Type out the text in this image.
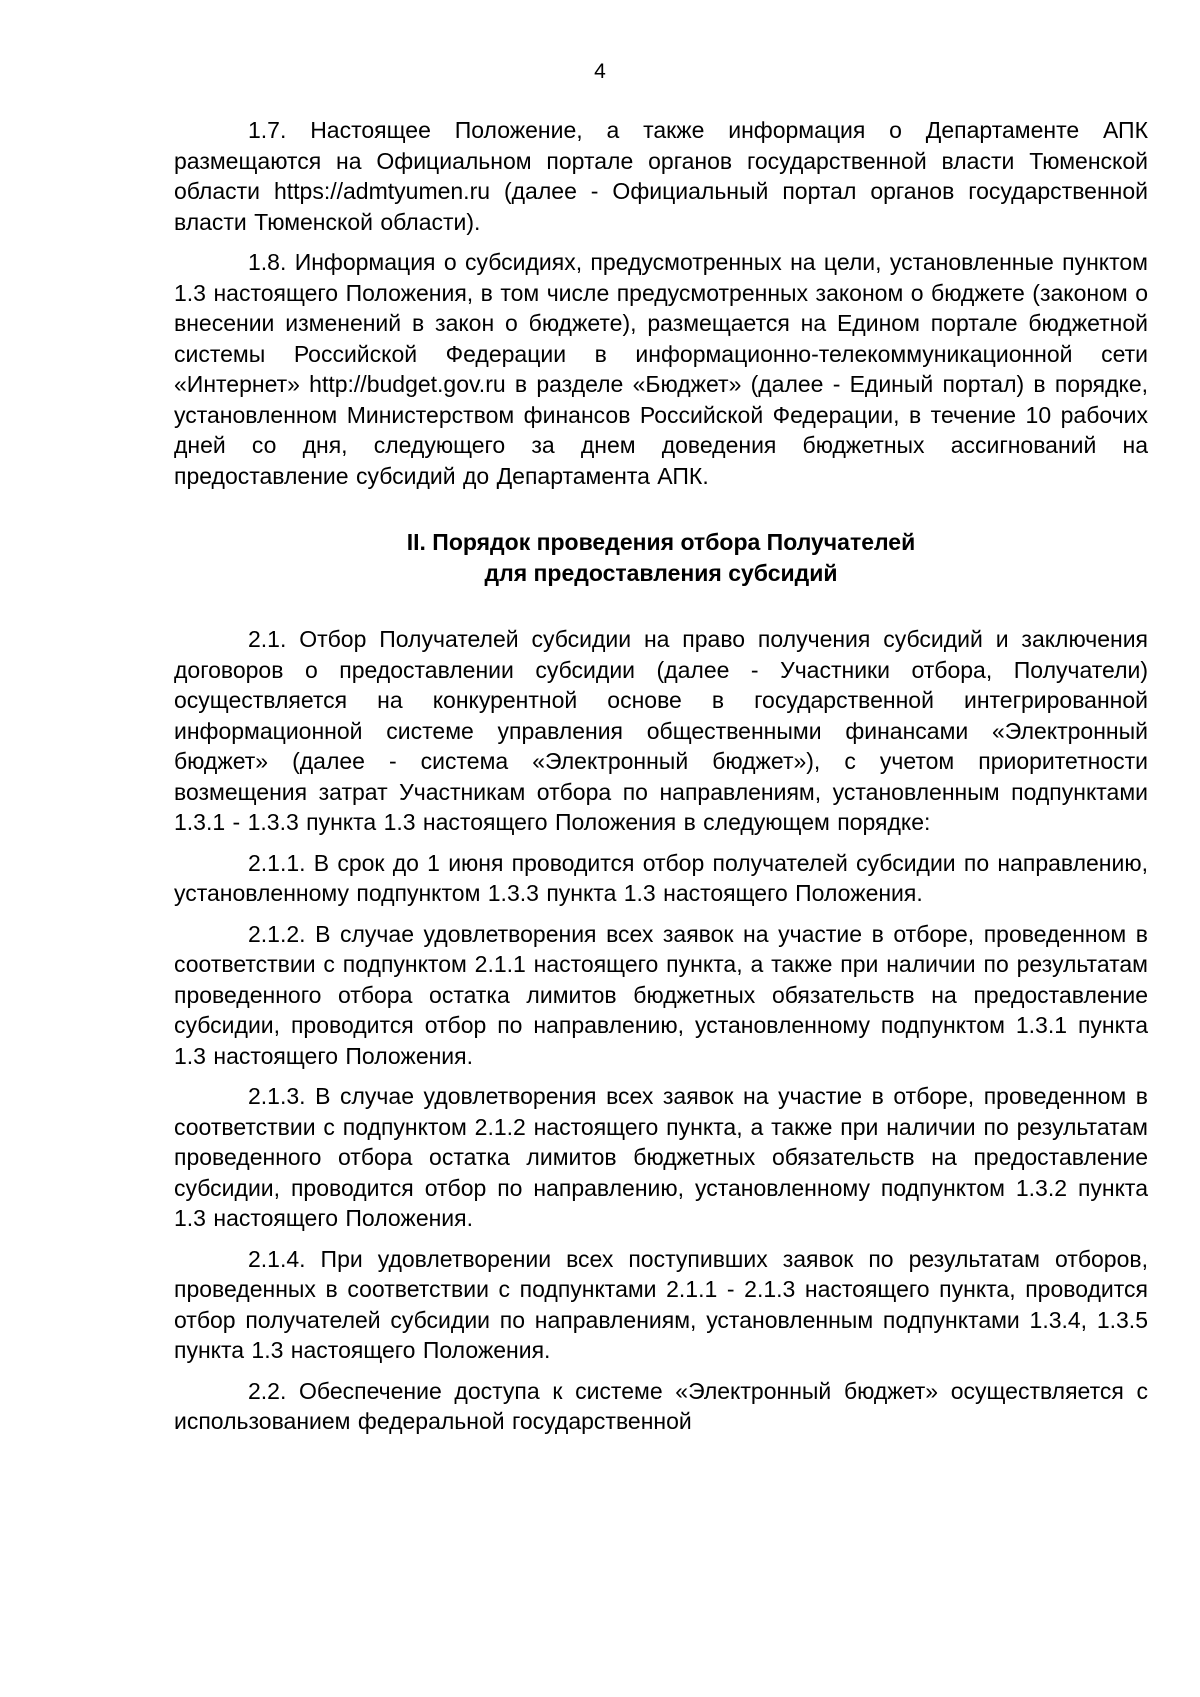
4

1.7. Настоящее Положение, а также информация о Департаменте АПК размещаются на Официальном портале органов государственной власти Тюменской области https://admtyumen.ru (далее - Официальный портал органов государственной власти Тюменской области).

1.8. Информация о субсидиях, предусмотренных на цели, установленные пунктом 1.3 настоящего Положения, в том числе предусмотренных законом о бюджете (законом о внесении изменений в закон о бюджете), размещается на Едином портале бюджетной системы Российской Федерации в информационно-телекоммуникационной сети «Интернет» http://budget.gov.ru в разделе «Бюджет» (далее - Единый портал) в порядке, установленном Министерством финансов Российской Федерации, в течение 10 рабочих дней со дня, следующего за днем доведения бюджетных ассигнований на предоставление субсидий до Департамента АПК.

II. Порядок проведения отбора Получателей
для предоставления субсидий

2.1. Отбор Получателей субсидии на право получения субсидий и заключения договоров о предоставлении субсидии (далее - Участники отбора, Получатели) осуществляется на конкурентной основе в государственной интегрированной информационной системе управления общественными финансами «Электронный бюджет» (далее - система «Электронный бюджет»), с учетом приоритетности возмещения затрат Участникам отбора по направлениям, установленным подпунктами 1.3.1 - 1.3.3 пункта 1.3 настоящего Положения в следующем порядке:

2.1.1. В срок до 1 июня проводится отбор получателей субсидии по направлению, установленному подпунктом 1.3.3 пункта 1.3 настоящего Положения.

2.1.2. В случае удовлетворения всех заявок на участие в отборе, проведенном в соответствии с подпунктом 2.1.1 настоящего пункта, а также при наличии по результатам проведенного отбора остатка лимитов бюджетных обязательств на предоставление субсидии, проводится отбор по направлению, установленному подпунктом 1.3.1 пункта 1.3 настоящего Положения.

2.1.3. В случае удовлетворения всех заявок на участие в отборе, проведенном в соответствии с подпунктом 2.1.2 настоящего пункта, а также при наличии по результатам проведенного отбора остатка лимитов бюджетных обязательств на предоставление субсидии, проводится отбор по направлению, установленному подпунктом 1.3.2 пункта 1.3 настоящего Положения.

2.1.4. При удовлетворении всех поступивших заявок по результатам отборов, проведенных в соответствии с подпунктами 2.1.1 - 2.1.3 настоящего пункта, проводится отбор получателей субсидии по направлениям, установленным подпунктами 1.3.4, 1.3.5 пункта 1.3 настоящего Положения.

2.2. Обеспечение доступа к системе «Электронный бюджет» осуществляется с использованием федеральной государственной
